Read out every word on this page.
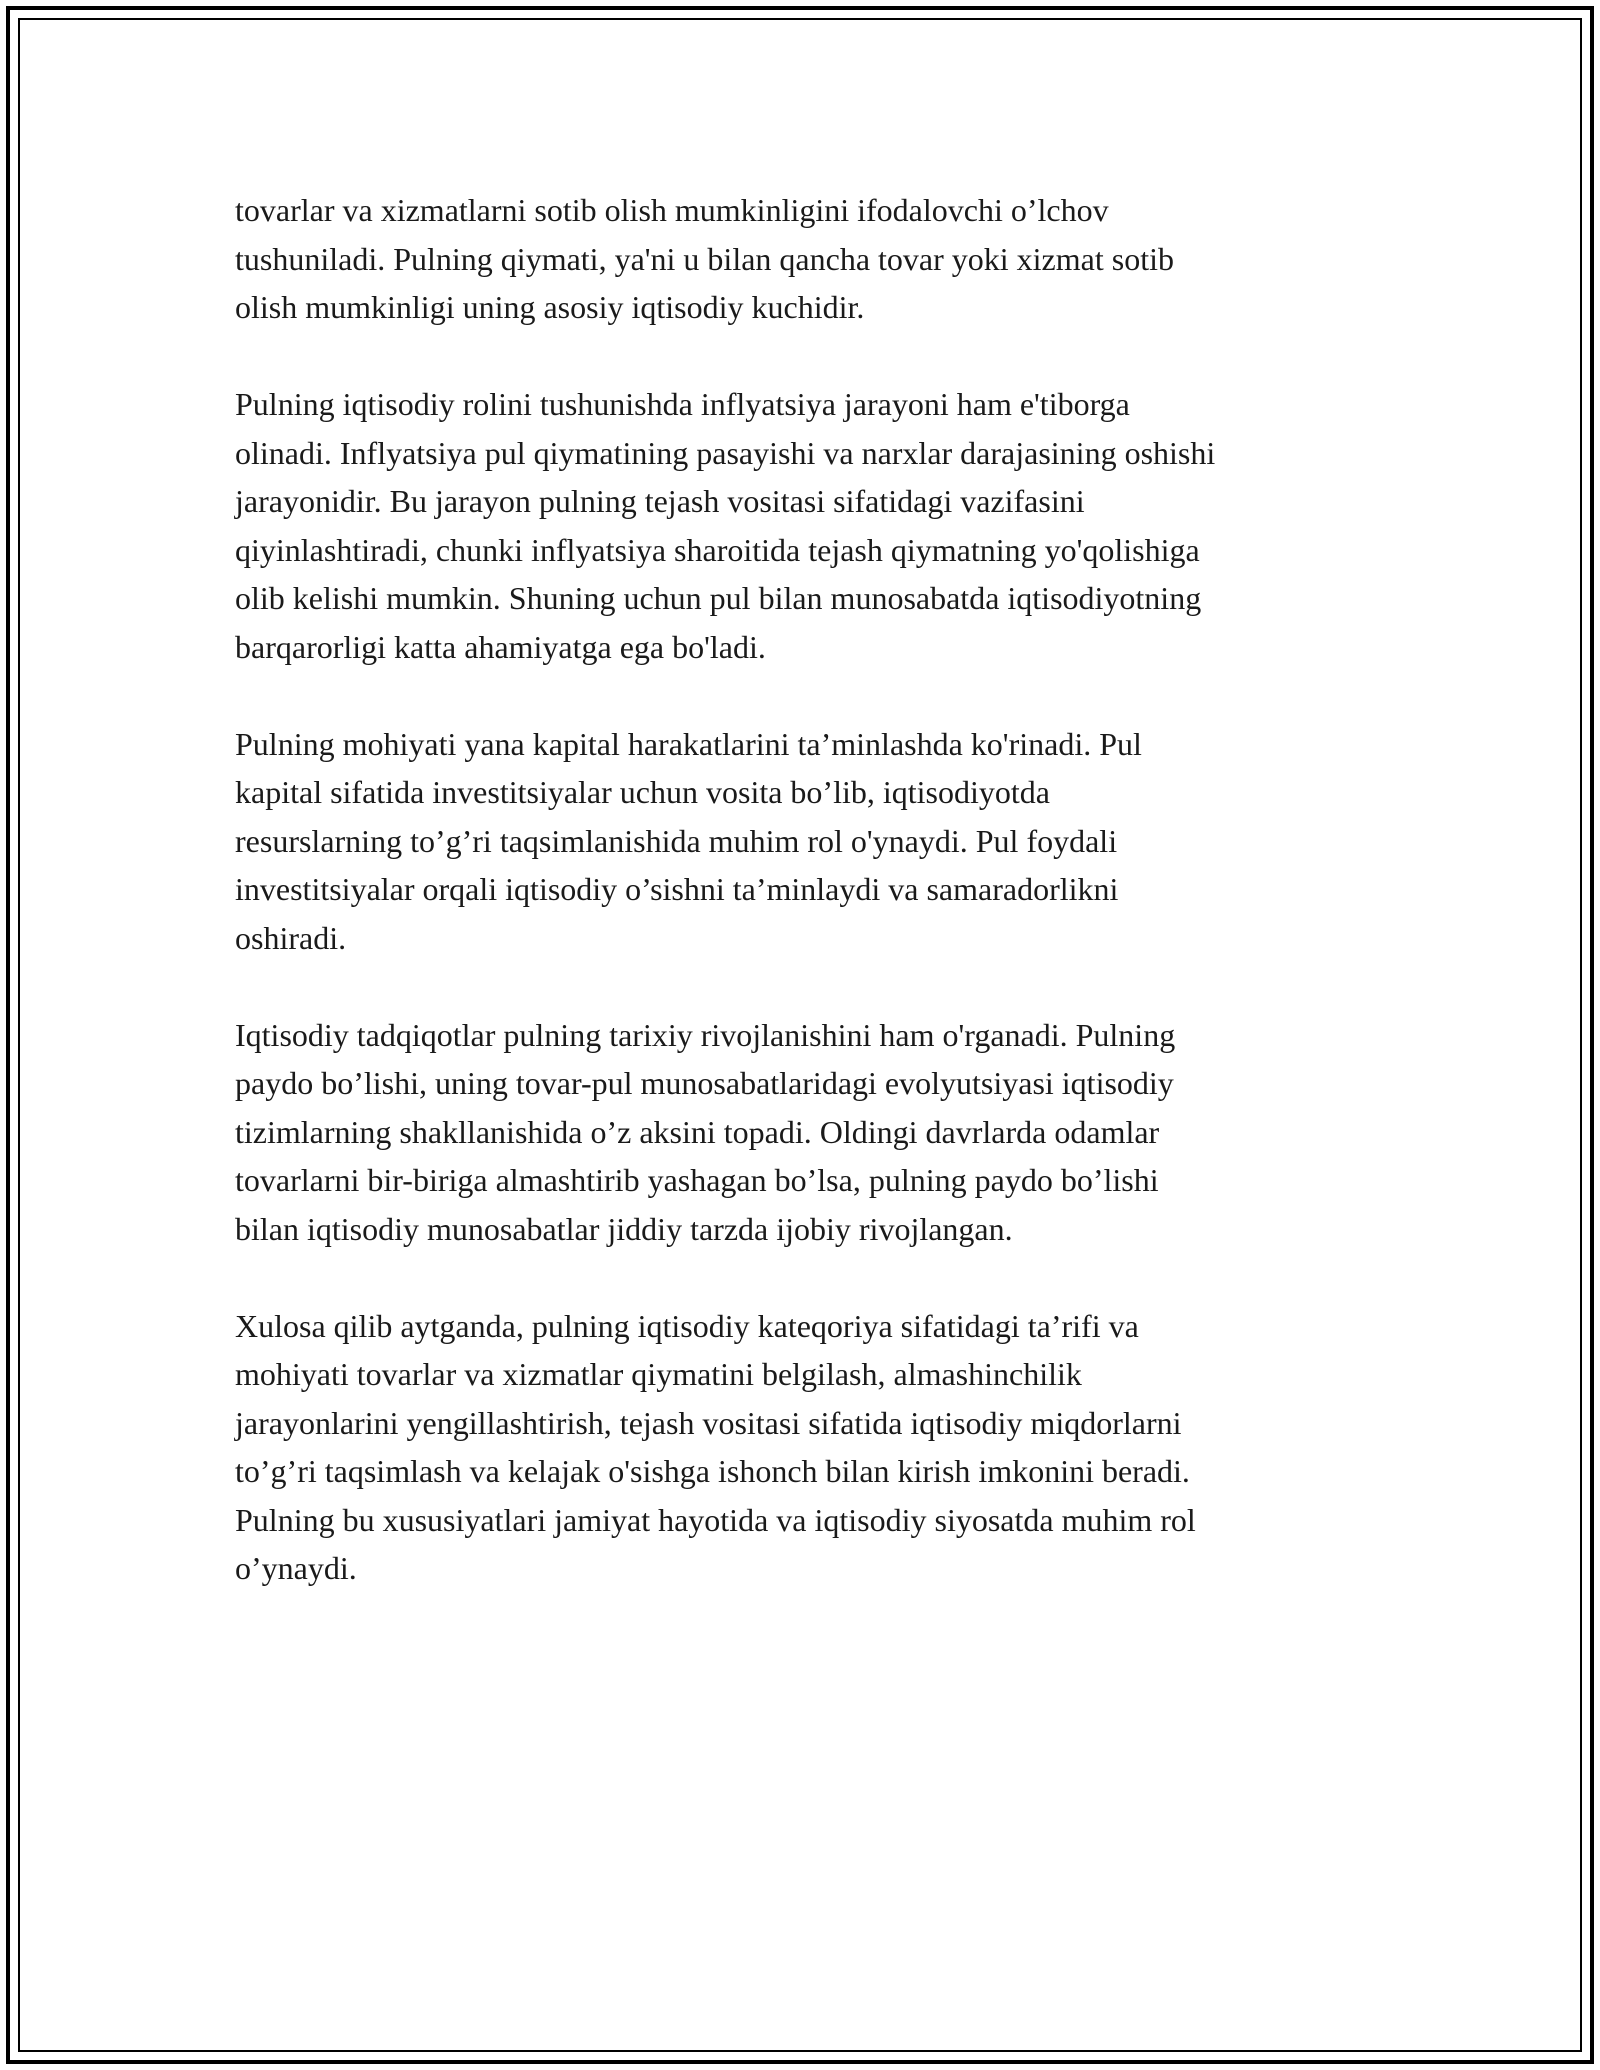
tovarlar va xizmatlarni sotib olish mumkinligini ifodalovchi o’lchov
tushuniladi. Pulning qiymati, ya'ni u bilan qancha tovar yoki xizmat sotib
olish mumkinligi uning asosiy iqtisodiy kuchidir.

Pulning iqtisodiy rolini tushunishda inflyatsiya jarayoni ham e'tiborga
olinadi. Inflyatsiya pul qiymatining pasayishi va narxlar darajasining oshishi
jarayonidir. Bu jarayon pulning tejash vositasi sifatidagi vazifasini
qiyinlashtiradi, chunki inflyatsiya sharoitida tejash qiymatning yo'qolishiga
olib kelishi mumkin. Shuning uchun pul bilan munosabatda iqtisodiyotning
barqarorligi katta ahamiyatga ega bo'ladi.

Pulning mohiyati yana kapital harakatlarini ta’minlashda ko'rinadi. Pul
kapital sifatida investitsiyalar uchun vosita bo’lib, iqtisodiyotda
resurslarning to’g’ri taqsimlanishida muhim rol o'ynaydi. Pul foydali
investitsiyalar orqali iqtisodiy o’sishni ta’minlaydi va samaradorlikni
oshiradi.

Iqtisodiy tadqiqotlar pulning tarixiy rivojlanishini ham o'rganadi. Pulning
paydo bo’lishi, uning tovar-pul munosabatlaridagi evolyutsiyasi iqtisodiy
tizimlarning shakllanishida o’z aksini topadi. Oldingi davrlarda odamlar
tovarlarni bir-biriga almashtirib yashagan bo’lsa, pulning paydo bo’lishi
bilan iqtisodiy munosabatlar jiddiy tarzda ijobiy rivojlangan.

Xulosa qilib aytganda, pulning iqtisodiy kateqoriya sifatidagi ta’rifi va
mohiyati tovarlar va xizmatlar qiymatini belgilash, almashinchilik
jarayonlarini yengillashtirish, tejash vositasi sifatida iqtisodiy miqdorlarni
to’g’ri taqsimlash va kelajak o'sishga ishonch bilan kirish imkonini beradi.
Pulning bu xususiyatlari jamiyat hayotida va iqtisodiy siyosatda muhim rol
o’ynaydi.
